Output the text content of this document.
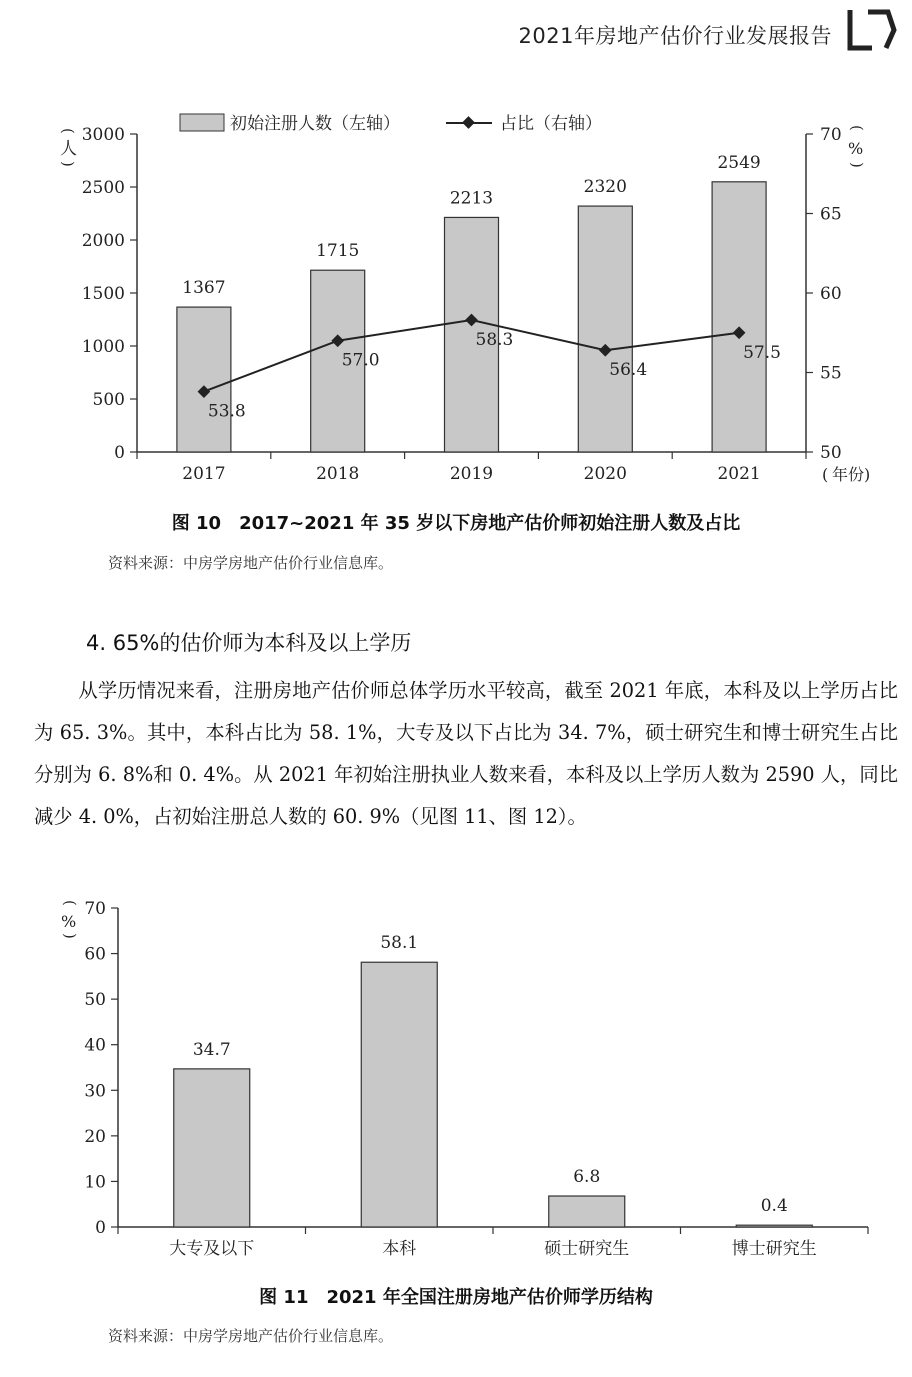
2021年房地产估价行业发展报告
初始注册人数（左轴）	占比（右轴）
(
人
)
(
%
)
0
500
1000
1500
2000
2500
3000
50
55
60
65
70
2017	2018	2019	2020	2021
1367
1715
2213
2320
2549
53.8
57.0
58.3
56.4
57.5
( 年份 )
图 10　2017~2021 年 35 岁以下房地产估价师初始注册人数及占比
资料来源：中房学房地产估价行业信息库。
4. 65%的估价师为本科及以上学历
从学历情况来看，注册房地产估价师总体学历水平较高，截至 2021 年底，本科及以上学历占比为 65. 3%。其中，本科占比为 58. 1%，大专及以下占比为 34. 7%，硕士研究生和博士研究生占比分别为 6. 8%和 0. 4%。从 2021 年初始注册执业人数来看，本科及以上学历人数为 2590 人，同比减少 4. 0%，占初始注册总人数的 60. 9%（见图 11、图 12）。
(
%
)
0
10
20
30
40
50
60
70
大专及以下	本科	硕士研究生	博士研究生
34.7
58.1
6.8
0.4
图 11　2021 年全国注册房地产估价师学历结构
资料来源：中房学房地产估价行业信息库。
